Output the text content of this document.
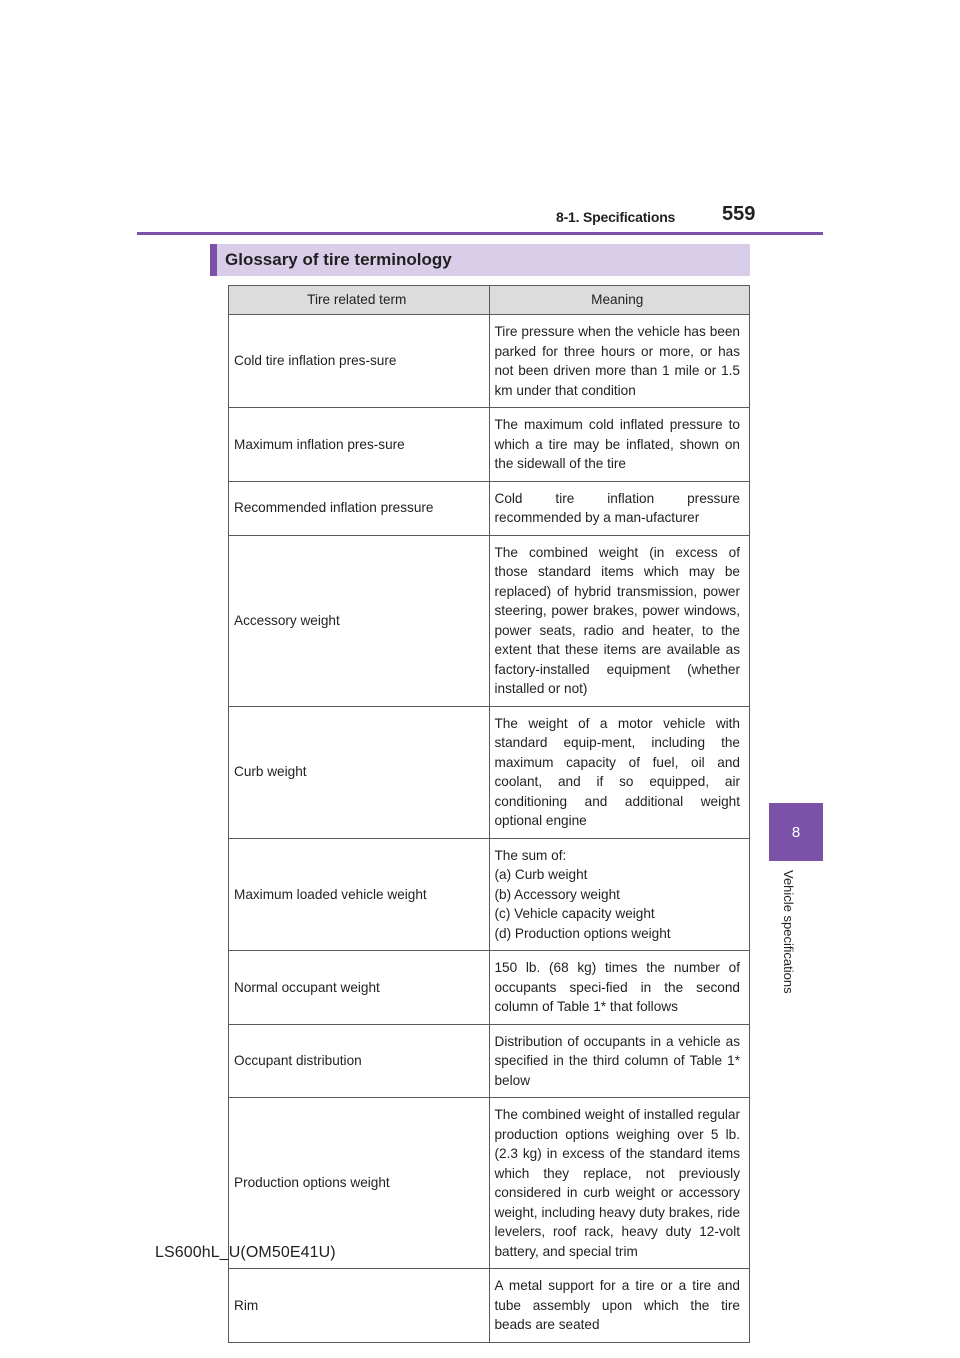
8-1. Specifications 559
8
Vehicle specifications
Glossary of tire terminology
Tire related term	Meaning
Cold tire inflation pres-sure	Tire pressure when the vehicle has been parked for three hours or more, or has not been driven more than 1 mile or 1.5 km under that condition
Maximum inflation pres-sure	The maximum cold inflated pressure to which a tire may be inflated, shown on the sidewall of the tire
Recommended inflation pressure	Cold tire inflation pressure recommended by a man-ufacturer
Accessory weight	The combined weight (in excess of those standard items which may be replaced) of hybrid transmission, power steering, power brakes, power windows, power seats, radio and heater, to the extent that these items are available as factory-installed equipment (whether installed or not)
Curb weight	The weight of a motor vehicle with standard equip-ment, including the maximum capacity of fuel, oil and coolant, and if so equipped, air conditioning and additional weight optional engine
Maximum loaded vehicle weight	The sum of:
(a) Curb weight
(b) Accessory weight
(c) Vehicle capacity weight
(d) Production options weight

Normal occupant weight	150 lb. (68 kg) times the number of occupants speci-fied in the second column of Table 1* that follows
Occupant distribution	Distribution of occupants in a vehicle as specified in the third column of Table 1* below
Production options weight	The combined weight of installed regular production options weighing over 5 lb. (2.3 kg) in excess of the standard items which they replace, not previously considered in curb weight or accessory weight, including heavy duty brakes, ride levelers, roof rack, heavy duty 12-volt battery, and special trim
Rim	A metal support for a tire or a tire and tube assembly upon which the tire beads are seated
LS600hL_U(OM50E41U)
